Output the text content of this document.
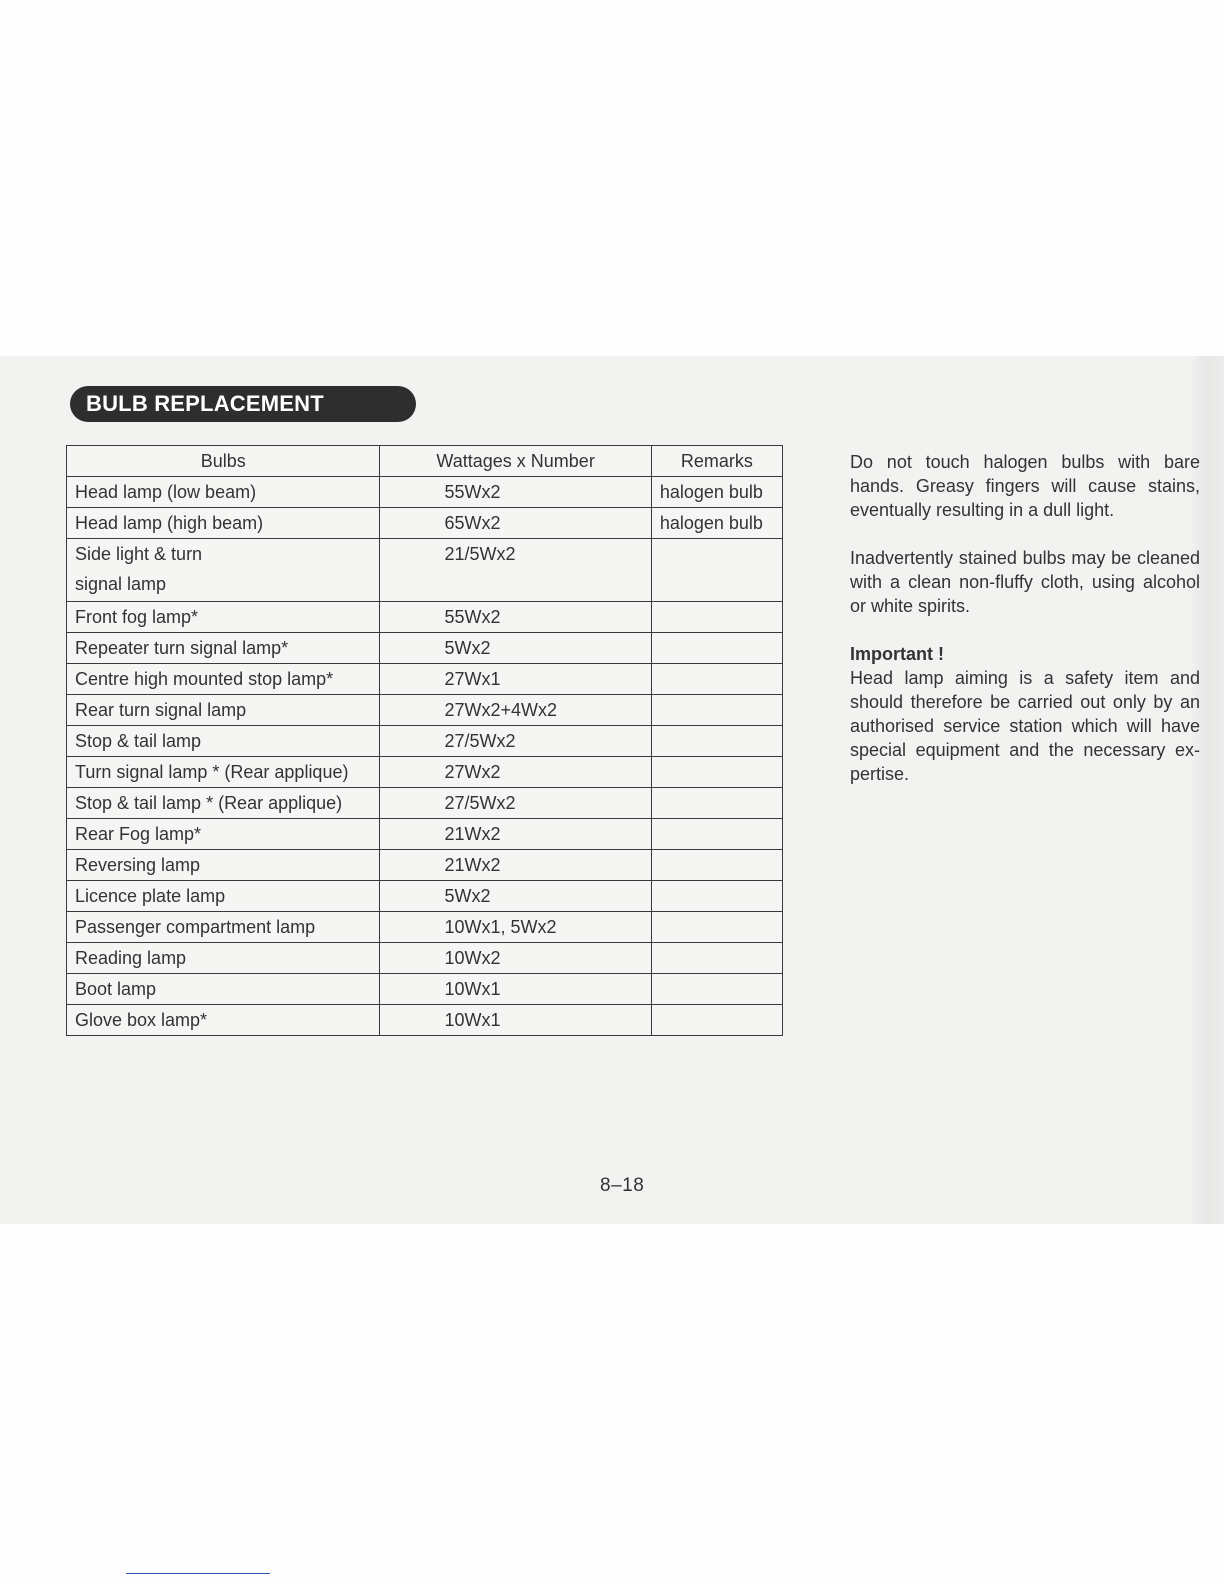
BULB REPLACEMENT
Bulbs	Wattages x Number	Remarks
Head lamp (low beam)	55Wx2	halogen bulb
Head lamp (high beam)	65Wx2	halogen bulb
Side light & turn
signal lamp	21/5Wx2	
Front fog lamp*	55Wx2	
Repeater turn signal lamp*	5Wx2	
Centre high mounted stop lamp*	27Wx1	
Rear turn signal lamp	27Wx2+4Wx2	
Stop & tail lamp	27/5Wx2	
Turn signal lamp * (Rear applique)	27Wx2	
Stop & tail lamp * (Rear applique)	27/5Wx2	
Rear Fog lamp*	21Wx2	
Reversing lamp	21Wx2	
Licence plate lamp	5Wx2	
Passenger compartment lamp	10Wx1, 5Wx2	
Reading lamp	10Wx2	
Boot lamp	10Wx1	
Glove box lamp*	10Wx1	

Do not touch halogen bulbs with bare hands. Greasy fingers will cause stains, eventually resulting in a dull light.

Inadvertently stained bulbs may be cleaned with a clean non-fluffy cloth, using alcohol or white spirits.

Important !

Head lamp aiming is a safety item and should therefore be carried out only by an authorised service station which will have special equipment and the necessary ex-pertise.

8–18
